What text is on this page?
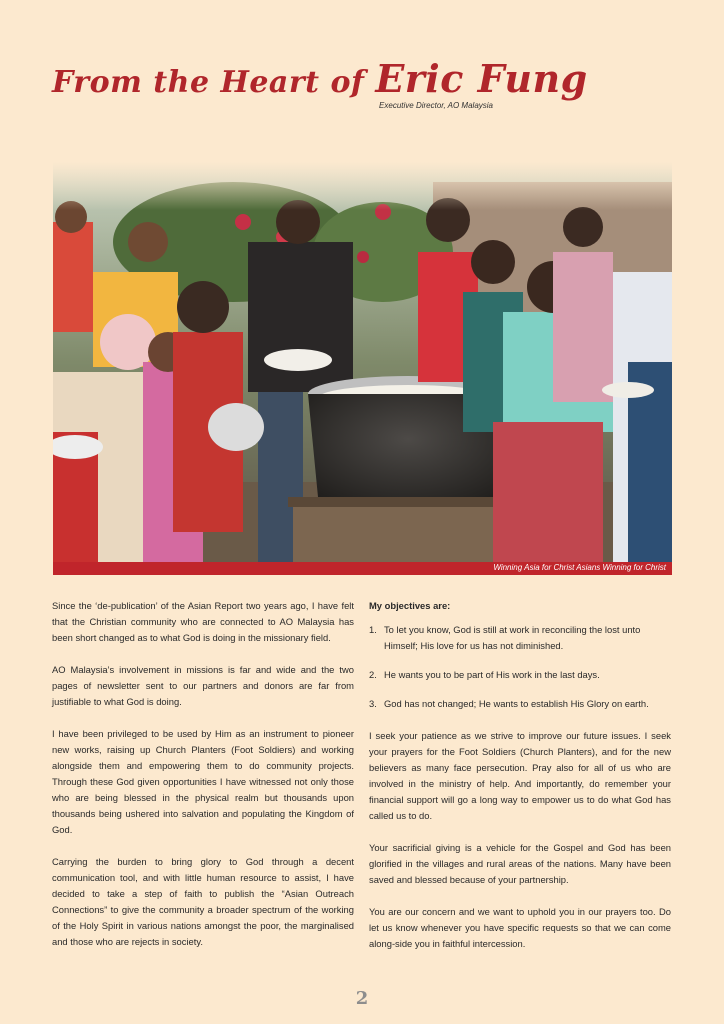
From the Heart of Eric Fung
Executive Director, AO Malaysia
Winning Asia for Christ Asians Winning for Christ

Since the ‘de-publication’ of the Asian Report two years ago, I have felt that the Christian community who are connected to AO Malaysia has been short changed as to what God is doing in the missionary field.

AO Malaysia’s involvement in missions is far and wide and the two pages of newsletter sent to our partners and donors are far from justifiable to what God is doing.

I have been privileged to be used by Him as an instrument to pioneer new works, raising up Church Planters (Foot Soldiers) and working alongside them and empowering them to do community projects. Through these God given opportunities I have witnessed not only those who are being blessed in the physical realm but thousands upon thousands being ushered into salvation and populating the Kingdom of God.

Carrying the burden to bring glory to God through a decent communication tool, and with little human resource to assist, I have decided to take a step of faith to publish the “Asian Outreach Connections” to give the community a broader spectrum of the working of the Holy Spirit in various nations amongst the poor, the marginalised and those who are rejects in society.

My objectives are:
1. To let you know, God is still at work in reconciling the lost unto Himself; His love for us has not diminished.
2. He wants you to be part of His work in the last days.
3. God has not changed; He wants to establish His Glory on earth.

I seek your patience as we strive to improve our future issues. I seek your prayers for the Foot Soldiers (Church Planters), and for the new believers as many face persecution. Pray also for all of us who are involved in the ministry of help. And importantly, do remember your financial support will go a long way to empower us to do what God has called us to do.

Your sacrificial giving is a vehicle for the Gospel and God has been glorified in the villages and rural areas of the nations. Many have been saved and blessed because of your partnership.

You are our concern and we want to uphold you in our prayers too. Do let us know whenever you have specific requests so that we can come along-side you in faithful intercession.

2
